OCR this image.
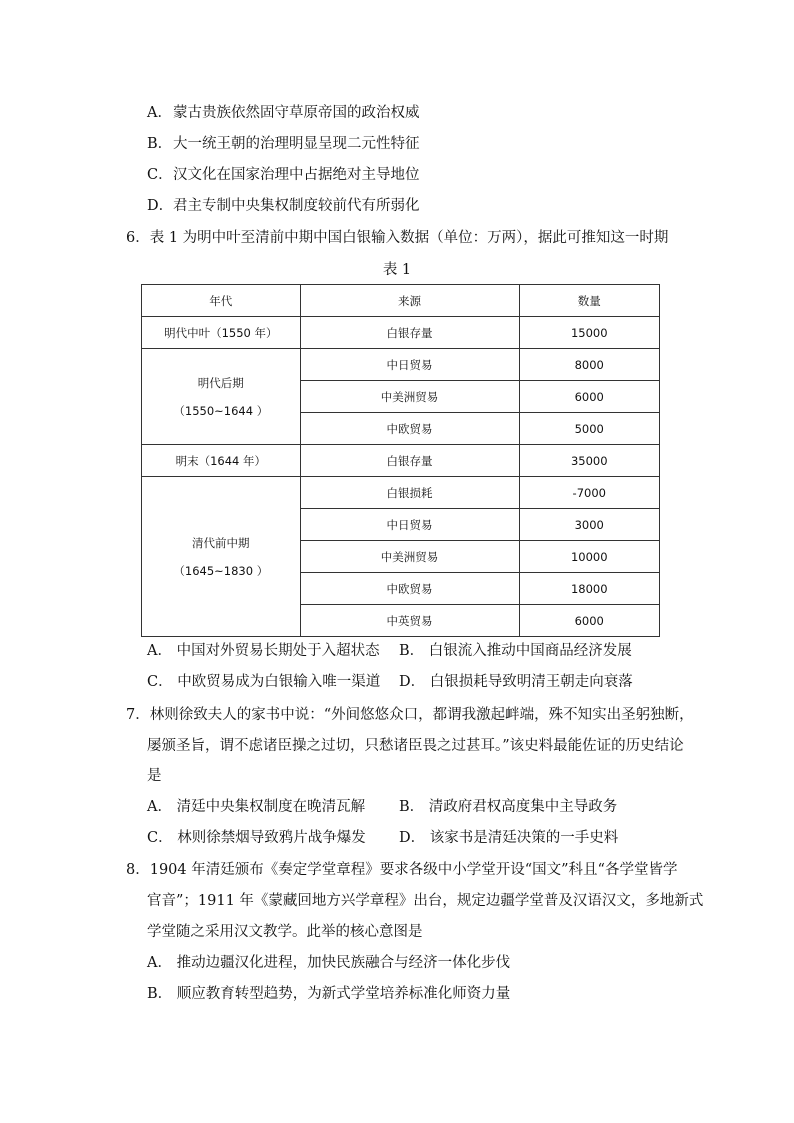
A．蒙古贵族依然固守草原帝国的政治权威
B．大一统王朝的治理明显呈现二元性特征
C．汉文化在国家治理中占据绝对主导地位
D．君主专制中央集权制度较前代有所弱化
6．表 1 为明中叶至清前中期中国白银输入数据（单位：万两），据此可推知这一时期
表 1
年代	来源	数量
明代中叶（1550 年）	白银存量	15000

明代后期
（1550~1644 ）	中日贸易	8000
	中美洲贸易	6000
	中欧贸易	5000
明末（1644 年）	白银存量	35000

清代前中期
（1645~1830 ）	白银损耗	-7000
	中日贸易	3000
	中美洲贸易	10000
	中欧贸易	18000
	中英贸易	6000
A． 中国对外贸易长期处于入超状态 B． 白银流入推动中国商品经济发展
C． 中欧贸易成为白银输入唯一渠道 D． 白银损耗导致明清王朝走向衰落
7．林则徐致夫人的家书中说：“外间悠悠众口，都谓我激起衅端，殊不知实出圣躬独断，
屡颁圣旨，谓不虑诸臣操之过切，只愁诸臣畏之过甚耳。”该史料最能佐证的历史结论
是
A． 清廷中央集权制度在晚清瓦解 B． 清政府君权高度集中主导政务
C． 林则徐禁烟导致鸦片战争爆发 D． 该家书是清廷决策的一手史料
8．1904 年清廷颁布《奏定学堂章程》要求各级中小学堂开设“国文”科且“各学堂皆学
官音”；1911 年《蒙藏回地方兴学章程》出台，规定边疆学堂普及汉语汉文，多地新式
学堂随之采用汉文教学。此举的核心意图是
A． 推动边疆汉化进程，加快民族融合与经济一体化步伐
B． 顺应教育转型趋势，为新式学堂培养标准化师资力量
